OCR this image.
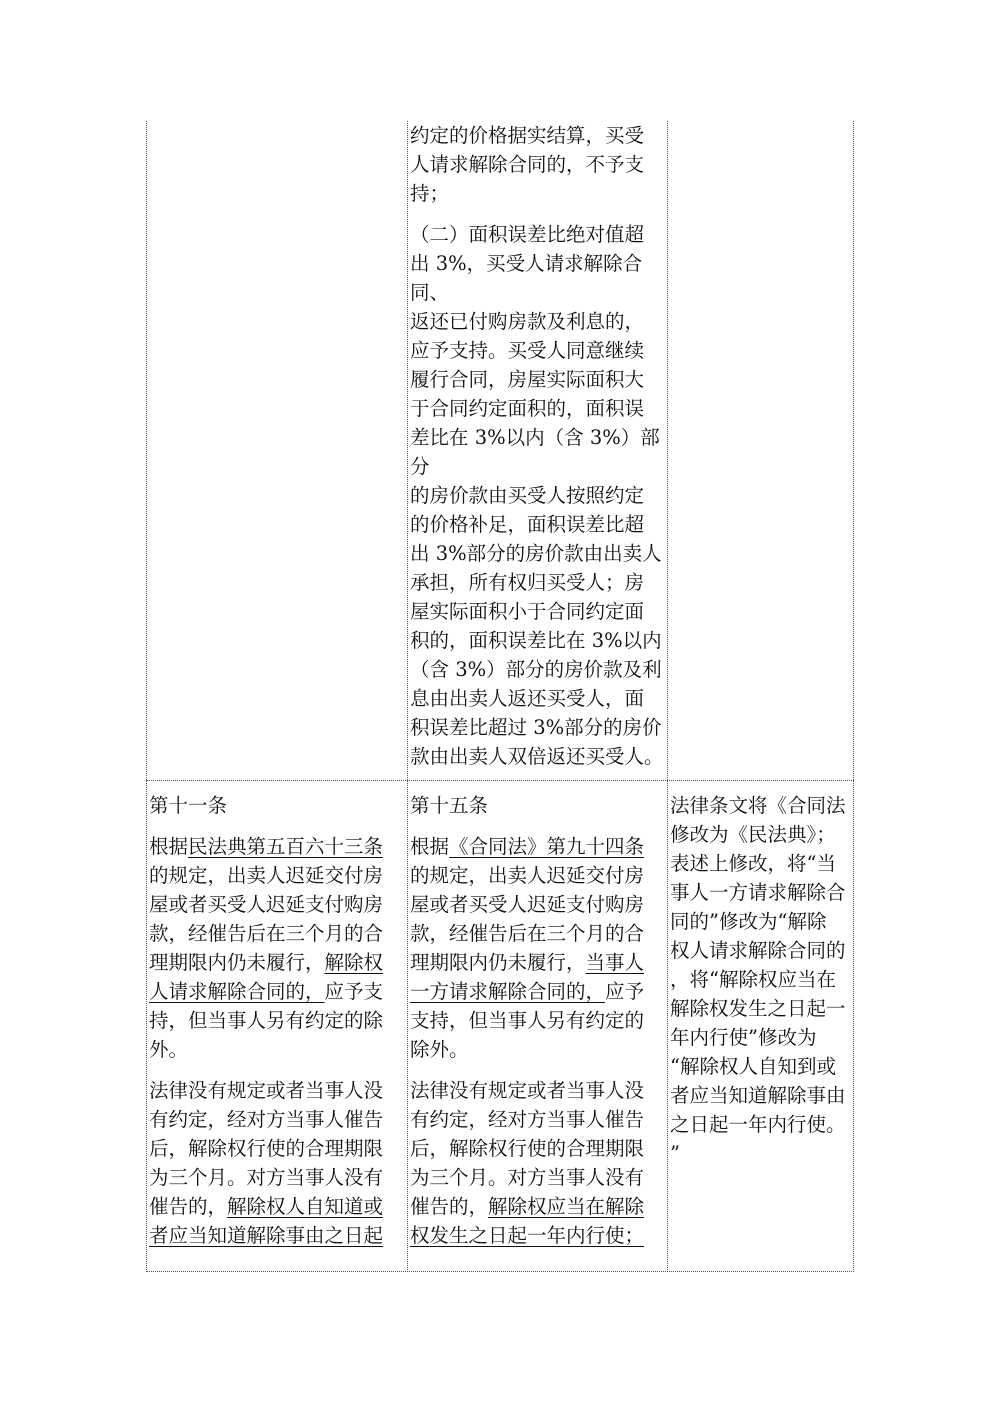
约定的价格据实结算，买受
人请求解除合同的，不予支
持；
（二）面积误差比绝对值超
出 3%，买受人请求解除合同、
返还已付购房款及利息的，
应予支持。买受人同意继续
履行合同，房屋实际面积大
于合同约定面积的，面积误
差比在 3%以内（含 3%）部分
的房价款由买受人按照约定
的价格补足，面积误差比超
出 3%部分的房价款由出卖人
承担，所有权归买受人；房
屋实际面积小于合同约定面
积的，面积误差比在 3%以内
（含 3%）部分的房价款及利
息由出卖人返还买受人，面
积误差比超过 3%部分的房价
款由出卖人双倍返还买受人。
第十一条
根据民法典第五百六十三条
的规定，出卖人迟延交付房
屋或者买受人迟延支付购房
款，经催告后在三个月的合
理期限内仍未履行，解除权
人请求解除合同的，应予支
持，但当事人另有约定的除
外。
法律没有规定或者当事人没
有约定，经对方当事人催告
后，解除权行使的合理期限
为三个月。对方当事人没有
催告的，解除权人自知道或
者应当知道解除事由之日起
第十五条
根据《合同法》第九十四条
的规定，出卖人迟延交付房
屋或者买受人迟延支付购房
款，经催告后在三个月的合
理期限内仍未履行，当事人
一方请求解除合同的，应予
支持，但当事人另有约定的
除外。
法律没有规定或者当事人没
有约定，经对方当事人催告
后，解除权行使的合理期限
为三个月。对方当事人没有
催告的，解除权应当在解除
权发生之日起一年内行使；
法律条文将《合同法
修改为《民法典》；
表述上修改，将“当
事人一方请求解除合
同的”修改为“解除
权人请求解除合同的
，将“解除权应当在
解除权发生之日起一
年内行使”修改为
“解除权人自知到或
者应当知道解除事由
之日起一年内行使。
”
